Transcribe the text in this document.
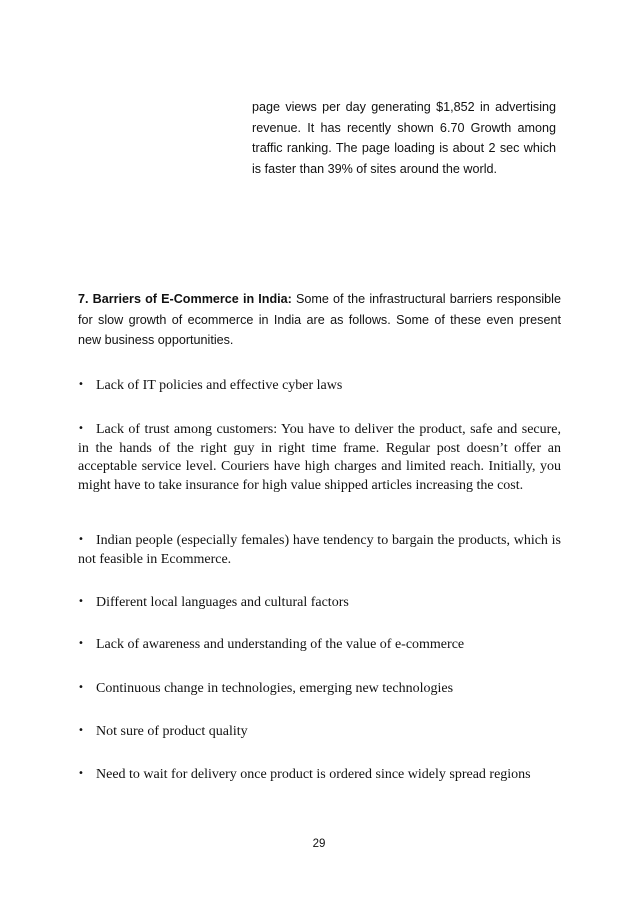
page views per day generating $1,852 in advertising revenue. It has recently shown 6.70 Growth among traffic ranking. The page loading is about 2 sec which is faster than 39% of sites around the world.

7. Barriers of E-Commerce in India: Some of the infrastructural barriers responsible for slow growth of ecommerce in India are as follows. Some of these even present new business opportunities.

• Lack of IT policies and effective cyber laws

• Lack of trust among customers: You have to deliver the product, safe and secure, in the hands of the right guy in right time frame. Regular post doesn’t offer an acceptable service level. Couriers have high charges and limited reach. Initially, you might have to take insurance for high value shipped articles increasing the cost.

• Indian people (especially females) have tendency to bargain the products, which is not feasible in Ecommerce.

• Different local languages and cultural factors

• Lack of awareness and understanding of the value of e-commerce

• Continuous change in technologies, emerging new technologies

• Not sure of product quality

• Need to wait for delivery once product is ordered since widely spread regions

29
